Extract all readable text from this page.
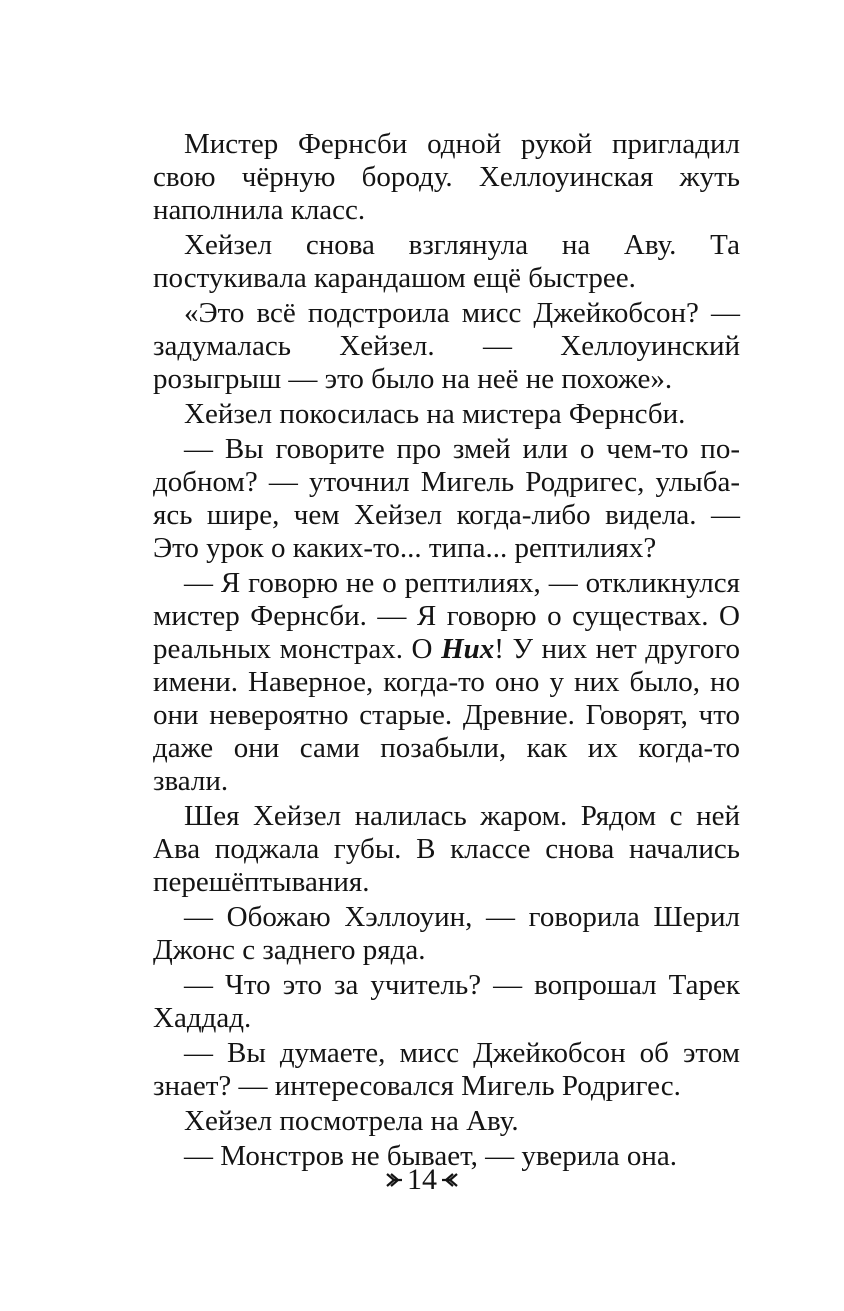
Мистер Фернсби одной рукой пригладил свою чёрную бороду. Хеллоуинская жуть наполнила класс.

Хейзел снова взглянула на Аву. Та постукивала карандашом ещё быстрее.

«Это всё подстроила мисс Джейкобсон? — задумалась Хейзел. — Хеллоуинский розыгрыш — это было на неё не похоже».

Хейзел покосилась на мистера Фернсби.

— Вы говорите про змей или о чем-то подобном? — уточнил Мигель Родригес, улыбаясь шире, чем Хейзел когда-либо видела. — Это урок о каких-то... типа... рептилиях?

— Я говорю не о рептилиях, — откликнулся мистер Фернсби. — Я говорю о существах. О реальных монстрах. О Них! У них нет другого имени. Наверное, когда-то оно у них было, но они невероятно старые. Древние. Говорят, что даже они сами позабыли, как их когда-то звали.

Шея Хейзел налилась жаром. Рядом с ней Ава поджала губы. В классе снова начались перешёптывания.

— Обожаю Хэллоуин, — говорила Шерил Джонс с заднего ряда.

— Что это за учитель? — вопрошал Тарек Хаддад.

— Вы думаете, мисс Джейкобсон об этом знает? — интересовался Мигель Родригес.

Хейзел посмотрела на Аву.

— Монстров не бывает, — уверила она.

14
